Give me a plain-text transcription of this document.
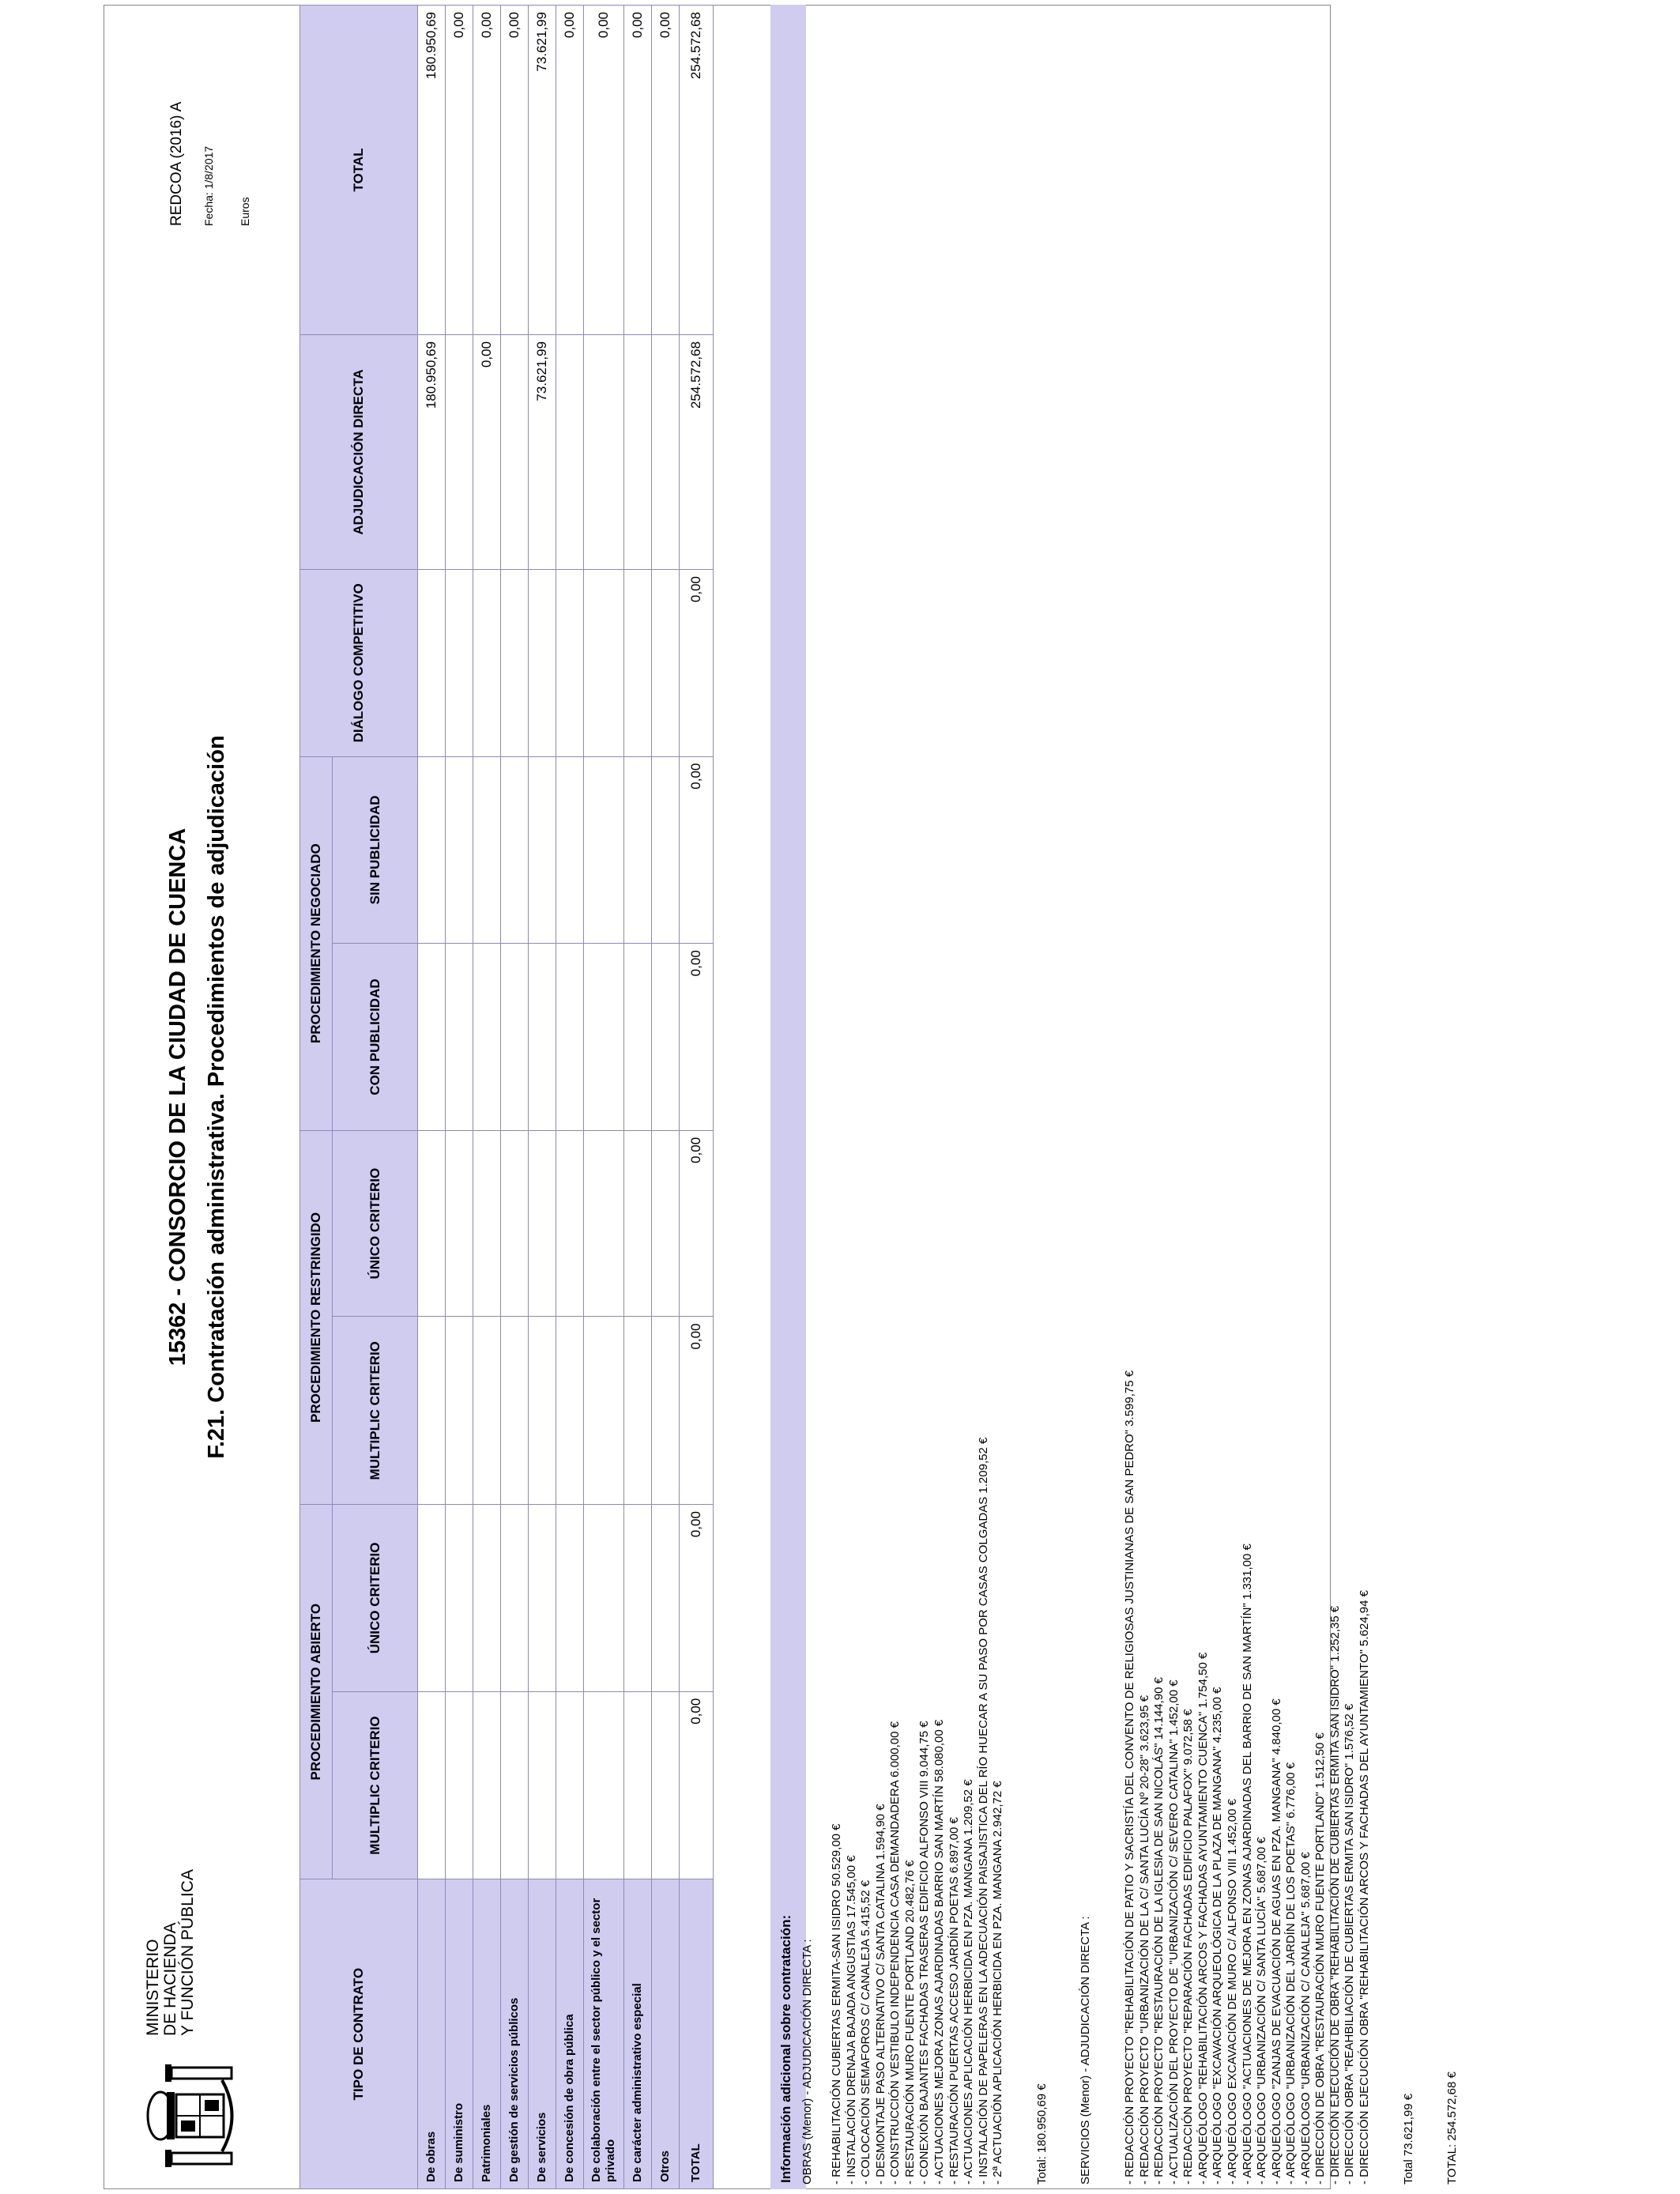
MINISTERIO DE HACIENDA Y FUNCIÓN PÚBLICA
15362 - CONSORCIO DE LA CIUDAD DE CUENCA F.21. Contratación administrativa. Procedimientos de adjudicación
REDCOA (2016) A Fecha: 1/8/2017 Euros
TIPO DE CONTRATO	PROCEDIMIENTO ABIERTO		PROCEDIMIENTO RESTRINGIDO		PROCEDIMIENTO NEGOCIADO		DIÁLOGO COMPETITIVO	ADJUDICACIÓN DIRECTA	TOTAL
	MULTIPLIC CRITERIO	ÚNICO CRITERIO	MULTIPLIC CRITERIO	ÚNICO CRITERIO	CON PUBLICIDAD	SIN PUBLICIDAD			
De obras								180.950,69	180.950,69
De suministro									0,00
Patrimoniales								0,00	0,00
De gestión de servicios públicos									0,00
De servicios								73.621,99	73.621,99
De concesión de obra pública									0,00
De colaboración entre el sector público y el sector privado									0,00
De carácter administrativo especial									0,00
Otros									0,00
TOTAL	0,00	0,00	0,00	0,00	0,00	0,00	0,00	254.572,68	254.572,68
Información adicional sobre contratación: OBRAS (Menor) - ADJUDICACIÓN DIRECTA : - REHABILITACIÓN CUBIERTAS ERMITA-SAN ISIDRO 50.529,00 € - INSTALACIÓN DRENAJA BAJADA ANGUSTIAS 17.545,00 € - COLOCACIÓN SEMAFOROS C/ CANALEJA 5.415,52 € - DESMONTAJE PASO ALTERNATIVO C/ SANTA CATALINA 1.594,90 € - CONSTRUCCIÓN VESTIBULO INDEPENDENCIA CASA DEMANDADERA 6.000,00 € - RESTAURACIÓN MURO FUENTE PORTLAND 20.482,76 € - CONEXIÓN BAJANTES FACHADAS TRASERAS EDIFICIO ALFONSO VIII 9.044,75 € - ACTUACIONES MEJORA ZONAS AJARDINADAS BARRIO SAN MARTÍN 58.080,00 € - RESTAURACIÓN PUERTAS ACCESO JARDÍN POETAS 6.897,00 € - ACTUACIONES APLICACIÓN HERBICIDA EN PZA. MANGANA 1.209,52 € - INSTALACIÓN DE PAPELERAS EN LA ADECUACIÓN PAISAJISTICA DEL RÍO HUECAR A SU PASO POR CASAS COLGADAS 1.209,52 € - 2ª ACTUACIÓN APLICACIÓN HERBICIDA EN PZA. MANGANA 2.942,72 €	Total: 180.950,69 €	SERVICIOS (Menor) - ADJUDICACIÓN DIRECTA :	- REDACCIÓN PROYECTO "REHABILITACIÓN DE PATIO Y SACRISTÍA DEL CONVENTO DE RELIGIOSAS JUSTINIANAS DE SAN PEDRO" 3.599,75 € - REDACCIÓN PROYECTO "URBANIZACIÓN DE LA C/ SANTA LUCÍA Nº 20-28" 3.623,95 € - REDACCIÓN PROYECTO "RESTAURACIÓN DE LA IGLESIA DE SAN NICOLÁS" 14.144,90 € - ACTUALIZACIÓN DEL PROYECTO DE "URBANIZACIÓN C/ SEVERO CATALINA" 1.452,00 € - REDACCIÓN PROYECTO "REPARACIÓN FACHADAS EDIFICIO PALAFOX" 9.072,58 € - ARQUEÓLOGO "REHABILITACIÓN ARCOS Y FACHADAS AYUNTAMIENTO CUENCA" 1.754,50 € - ARQUEÓLOGO "EXCAVACIÓN ARQUEOLÓGICA DE LA PLAZA DE MANGANA" 4.235,00 € - ARQUEÓLOGO EXCAVACIÓN DE MURO C/ ALFONSO VIII 1.452,00 € - ARQUEÓLOGO "ACTUACIONES DE MEJORA EN ZONAS AJARDINADAS DEL BARRIO DE SAN MARTÍN" 1.331,00 € - ARQUEÓLOGO "URBANIZACIÓN C/ SANTA LUCÍA" 5.687,00 € - ARQUEÓLOGO "ZANJAS DE EVACUACIÓN DE AGUAS EN PZA. MANGANA" 4.840,00 € - ARQUEÓLOGO "URBANIZACIÓN DEL JARDÍN DE LOS POETAS" 6.776,00 € - ARQUEÓLOGO "URBANIZACIÓN C/ CANALEJA" 5.687,00 € - DIRECCIÓN DE OBRA "RESTAURACIÓN MURO FUENTE PORTLAND" 1.512,50 € - DIRECCIÓN EJECUCIÓN DE OBRA "REHABILITACIÓN DE CUBIERTAS ERMITA SAN ISIDRO" 1.252,35 € - DIRECCIÓN OBRA "REAHBILIACIÓN DE CUBIERTAS ERMITA SAN ISIDRO" 1.576,52 € - DIRECCIÓN EJECUCIÓN OBRA "REHABILITACIÓN ARCOS Y FACHADAS DEL AYUNTAMIENTO" 5.624,94 €	Total 73.621,99 €	TOTAL: 254.572,68 €
